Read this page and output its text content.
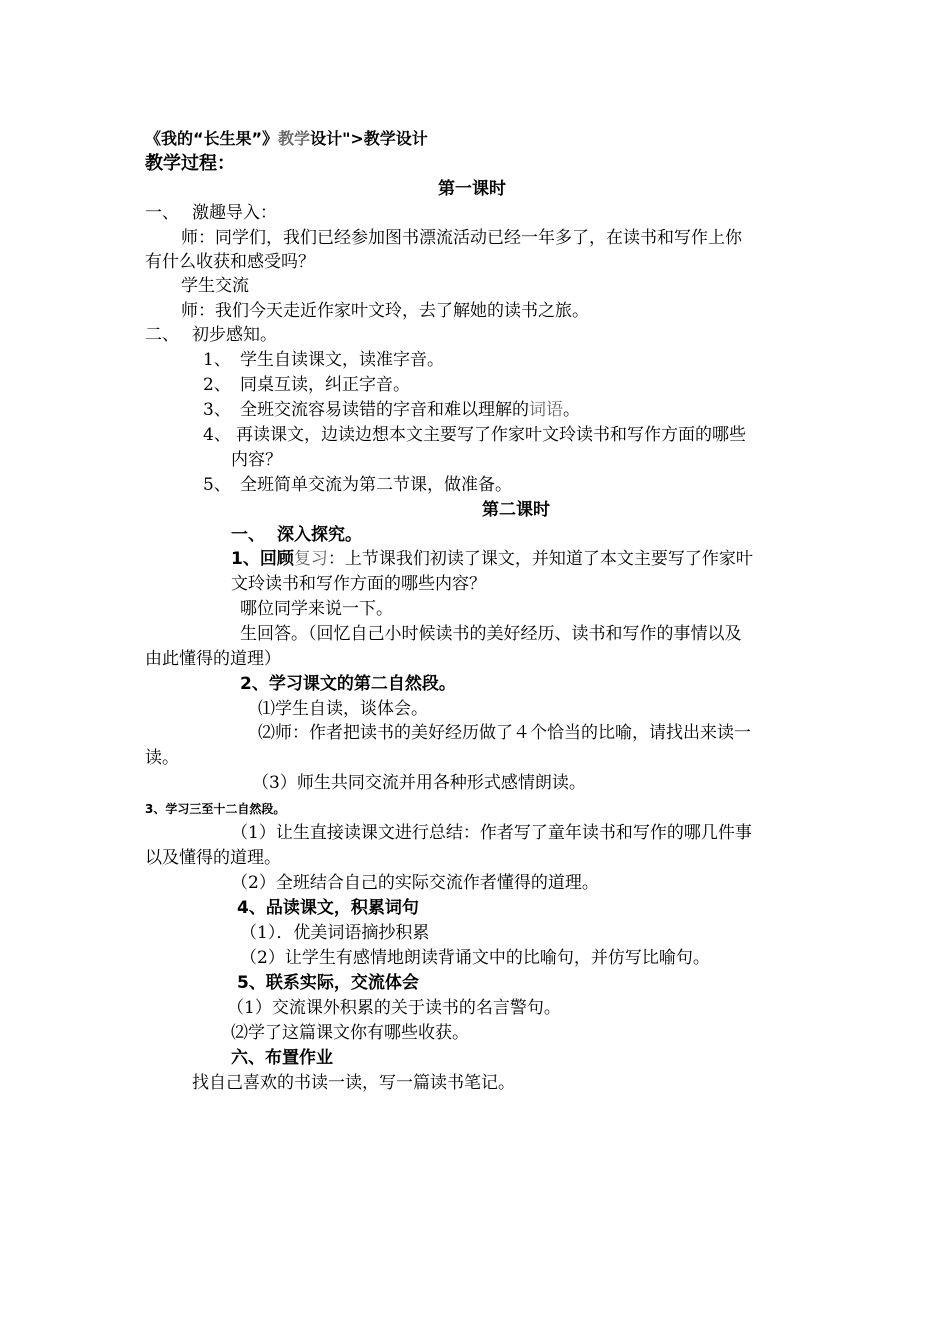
《我的“长生果”》教学设计">教学设计
教学过程：
第一课时
一、 激趣导入：
师：同学们，我们已经参加图书漂流活动已经一年多了，在读书和写作上你
有什么收获和感受吗？
学生交流
师：我们今天走近作家叶文玲，去了解她的读书之旅。
二、 初步感知。
1、 学生自读课文，读准字音。
2、 同桌互读，纠正字音。
3、 全班交流容易读错的字音和难以理解的词语。
4、 再读课文，边读边想本文主要写了作家叶文玲读书和写作方面的哪些
内容？
5、 全班简单交流为第二节课，做准备。
第二课时
一、 深入探究。
1、回顾复习：上节课我们初读了课文，并知道了本文主要写了作家叶
文玲读书和写作方面的哪些内容？
哪位同学来说一下。
生回答。（回忆自己小时候读书的美好经历、读书和写作的事情以及
由此懂得的道理）
2、学习课文的第二自然段。
⑴学生自读，谈体会。
⑵师：作者把读书的美好经历做了４个恰当的比喻，请找出来读一
读。
（3）师生共同交流并用各种形式感情朗读。
3、学习三至十二自然段。
（1）让生直接读课文进行总结：作者写了童年读书和写作的哪几件事
以及懂得的道理。
（2）全班结合自己的实际交流作者懂得的道理。
4、品读课文，积累词句
（1）．优美词语摘抄积累
（2）让学生有感情地朗读背诵文中的比喻句，并仿写比喻句。
5、联系实际，交流体会
（1）交流课外积累的关于读书的名言警句。
⑵学了这篇课文你有哪些收获。
六、布置作业
找自己喜欢的书读一读，写一篇读书笔记。
